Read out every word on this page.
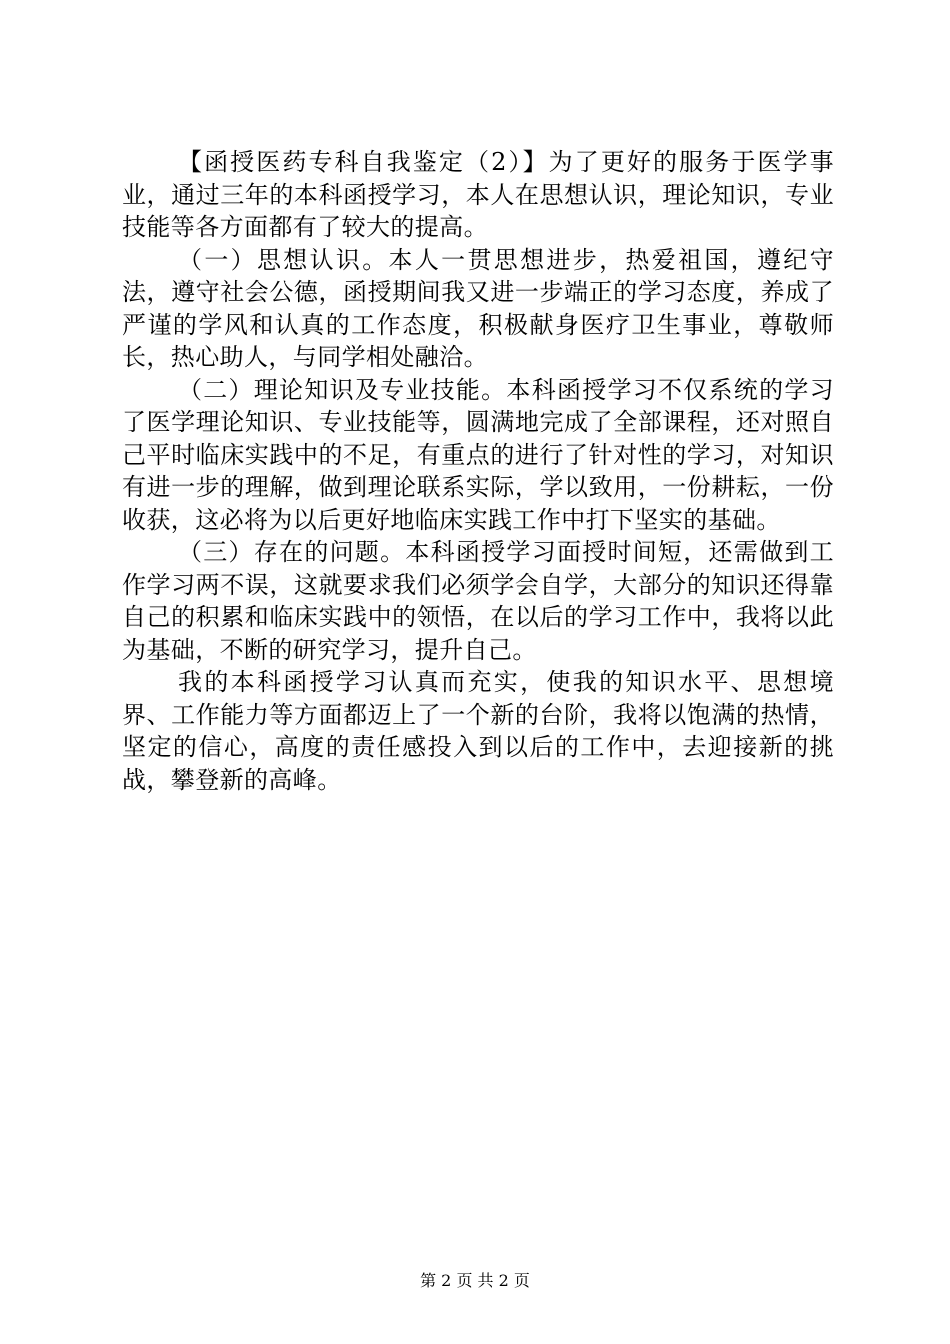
【函授医药专科自我鉴定（2）】为了更好的服务于医学事业，通过三年的本科函授学习，本人在思想认识，理论知识，专业技能等各方面都有了较大的提高。

（一）思想认识。本人一贯思想进步，热爱祖国，遵纪守法，遵守社会公德，函授期间我又进一步端正的学习态度，养成了严谨的学风和认真的工作态度，积极献身医疗卫生事业，尊敬师长，热心助人，与同学相处融洽。

（二）理论知识及专业技能。本科函授学习不仅系统的学习了医学理论知识、专业技能等，圆满地完成了全部课程，还对照自己平时临床实践中的不足，有重点的进行了针对性的学习，对知识有进一步的理解，做到理论联系实际，学以致用，一份耕耘，一份收获，这必将为以后更好地临床实践工作中打下坚实的基础。

（三）存在的问题。本科函授学习面授时间短，还需做到工作学习两不误，这就要求我们必须学会自学，大部分的知识还得靠自己的积累和临床实践中的领悟，在以后的学习工作中，我将以此为基础，不断的研究学习，提升自己。

我的本科函授学习认真而充实，使我的知识水平、思想境界、工作能力等方面都迈上了一个新的台阶，我将以饱满的热情，坚定的信心，高度的责任感投入到以后的工作中，去迎接新的挑战，攀登新的高峰。

第 2 页 共 2 页
